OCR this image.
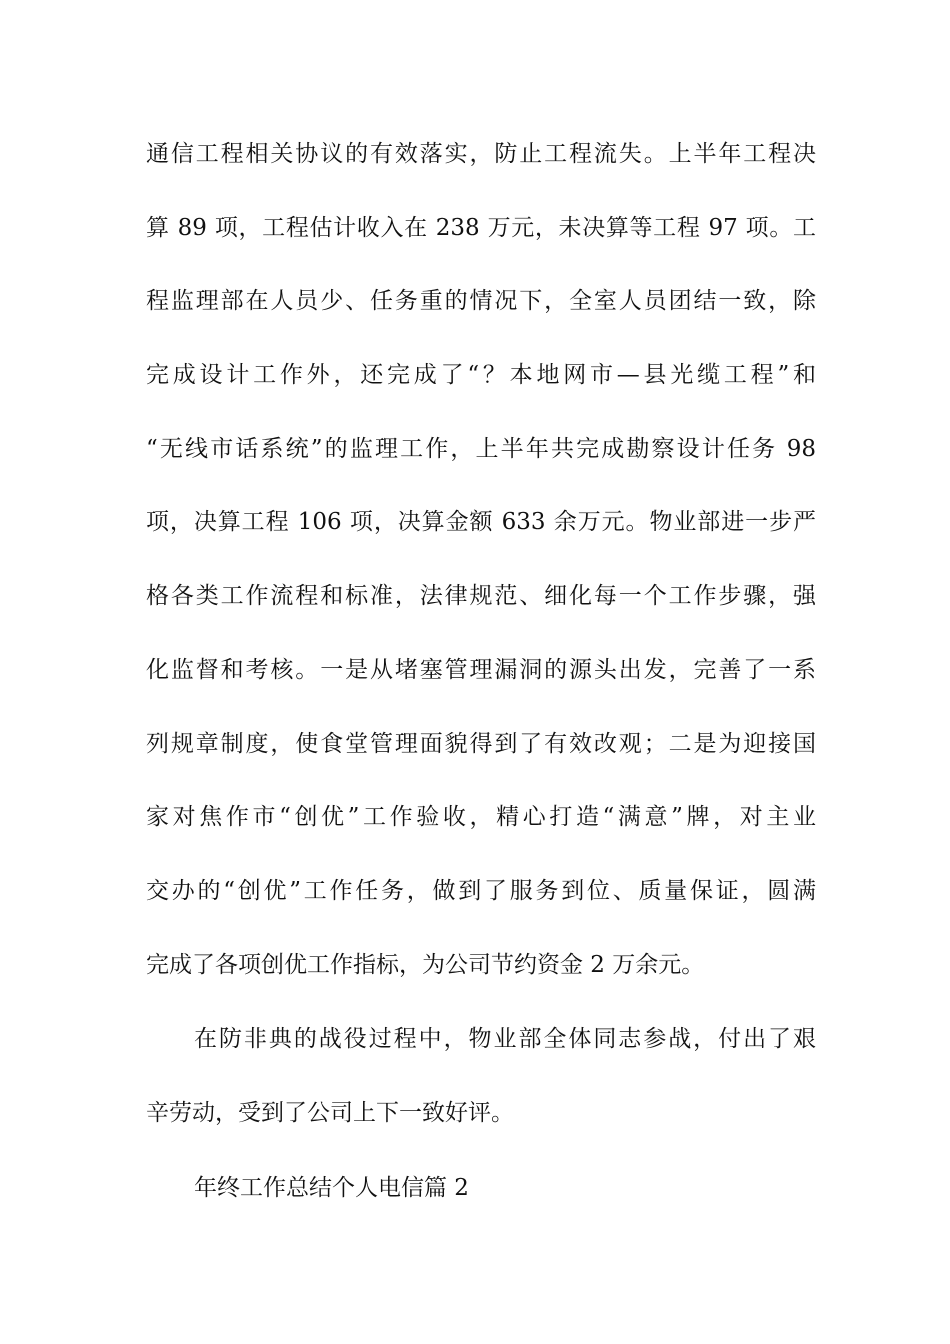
通信工程相关协议的有效落实，防止工程流失。上半年工程决
算 89 项，工程估计收入在 238 万元，未决算等工程 97 项。工
程监理部在人员少、任务重的情况下，全室人员团结一致，除
完成设计工作外，还完成了“？本地网市—县光缆工程”和
“无线市话系统”的监理工作，上半年共完成勘察设计任务 98
项，决算工程 106 项，决算金额 633 余万元。物业部进一步严
格各类工作流程和标准，法律规范、细化每一个工作步骤，强
化监督和考核。一是从堵塞管理漏洞的源头出发，完善了一系
列规章制度，使食堂管理面貌得到了有效改观；二是为迎接国
家对焦作市“创优”工作验收，精心打造“满意”牌，对主业
交办的“创优”工作任务，做到了服务到位、质量保证，圆满
完成了各项创优工作指标，为公司节约资金 2 万余元。
在防非典的战役过程中，物业部全体同志参战，付出了艰
辛劳动，受到了公司上下一致好评。
年终工作总结个人电信篇 2
